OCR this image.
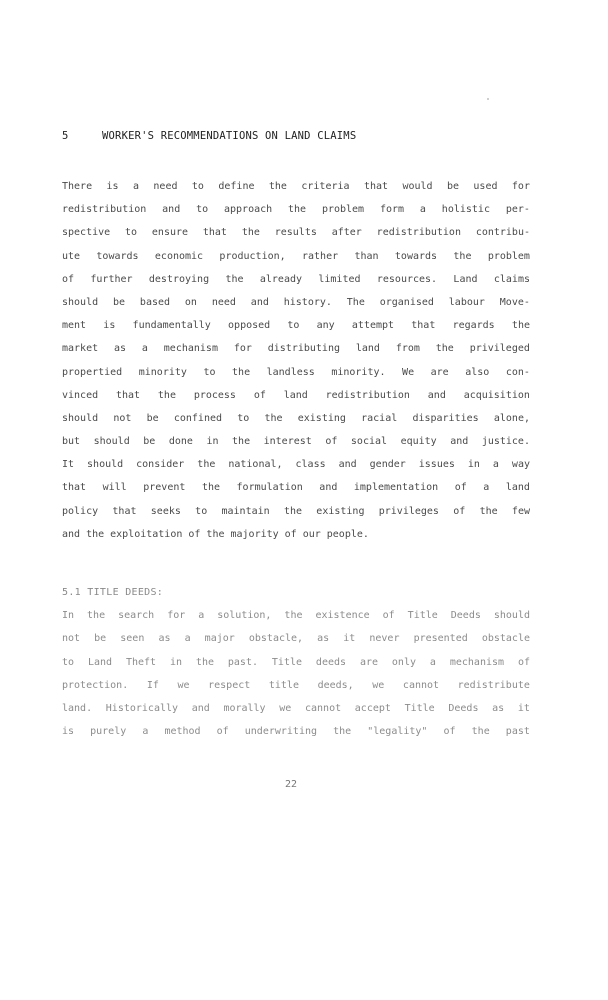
5	WORKER'S RECOMMENDATIONS ON LAND CLAIMS
There is a need to define the criteria that would be used for
redistribution and to approach the problem form a holistic per-
spective to ensure that the results after redistribution contribu-
ute towards economic production, rather than towards the problem
of further destroying the already limited resources. Land claims
should be based on need and history. The organised labour Move-
ment is fundamentally opposed to any attempt that regards the
market as a mechanism for distributing land from the privileged
propertied minority to the landless minority. We are also con-
vinced that the process of land redistribution and acquisition
should not be confined to the existing racial disparities alone,
but should be done in the interest of social equity and justice.
It should consider the national, class and gender issues in a way
that will prevent the formulation and implementation of a land
policy that seeks to maintain the existing privileges of the few
and the exploitation of the majority of our people.
5.1 TITLE DEEDS:
In the search for a solution, the existence of Title Deeds should
not be seen as a major obstacle, as it never presented obstacle
to Land Theft in the past. Title deeds are only a mechanism of
protection. If we respect title deeds, we cannot redistribute
land. Historically and morally we cannot accept Title Deeds as it
is purely a method of underwriting the "legality" of the past
22
